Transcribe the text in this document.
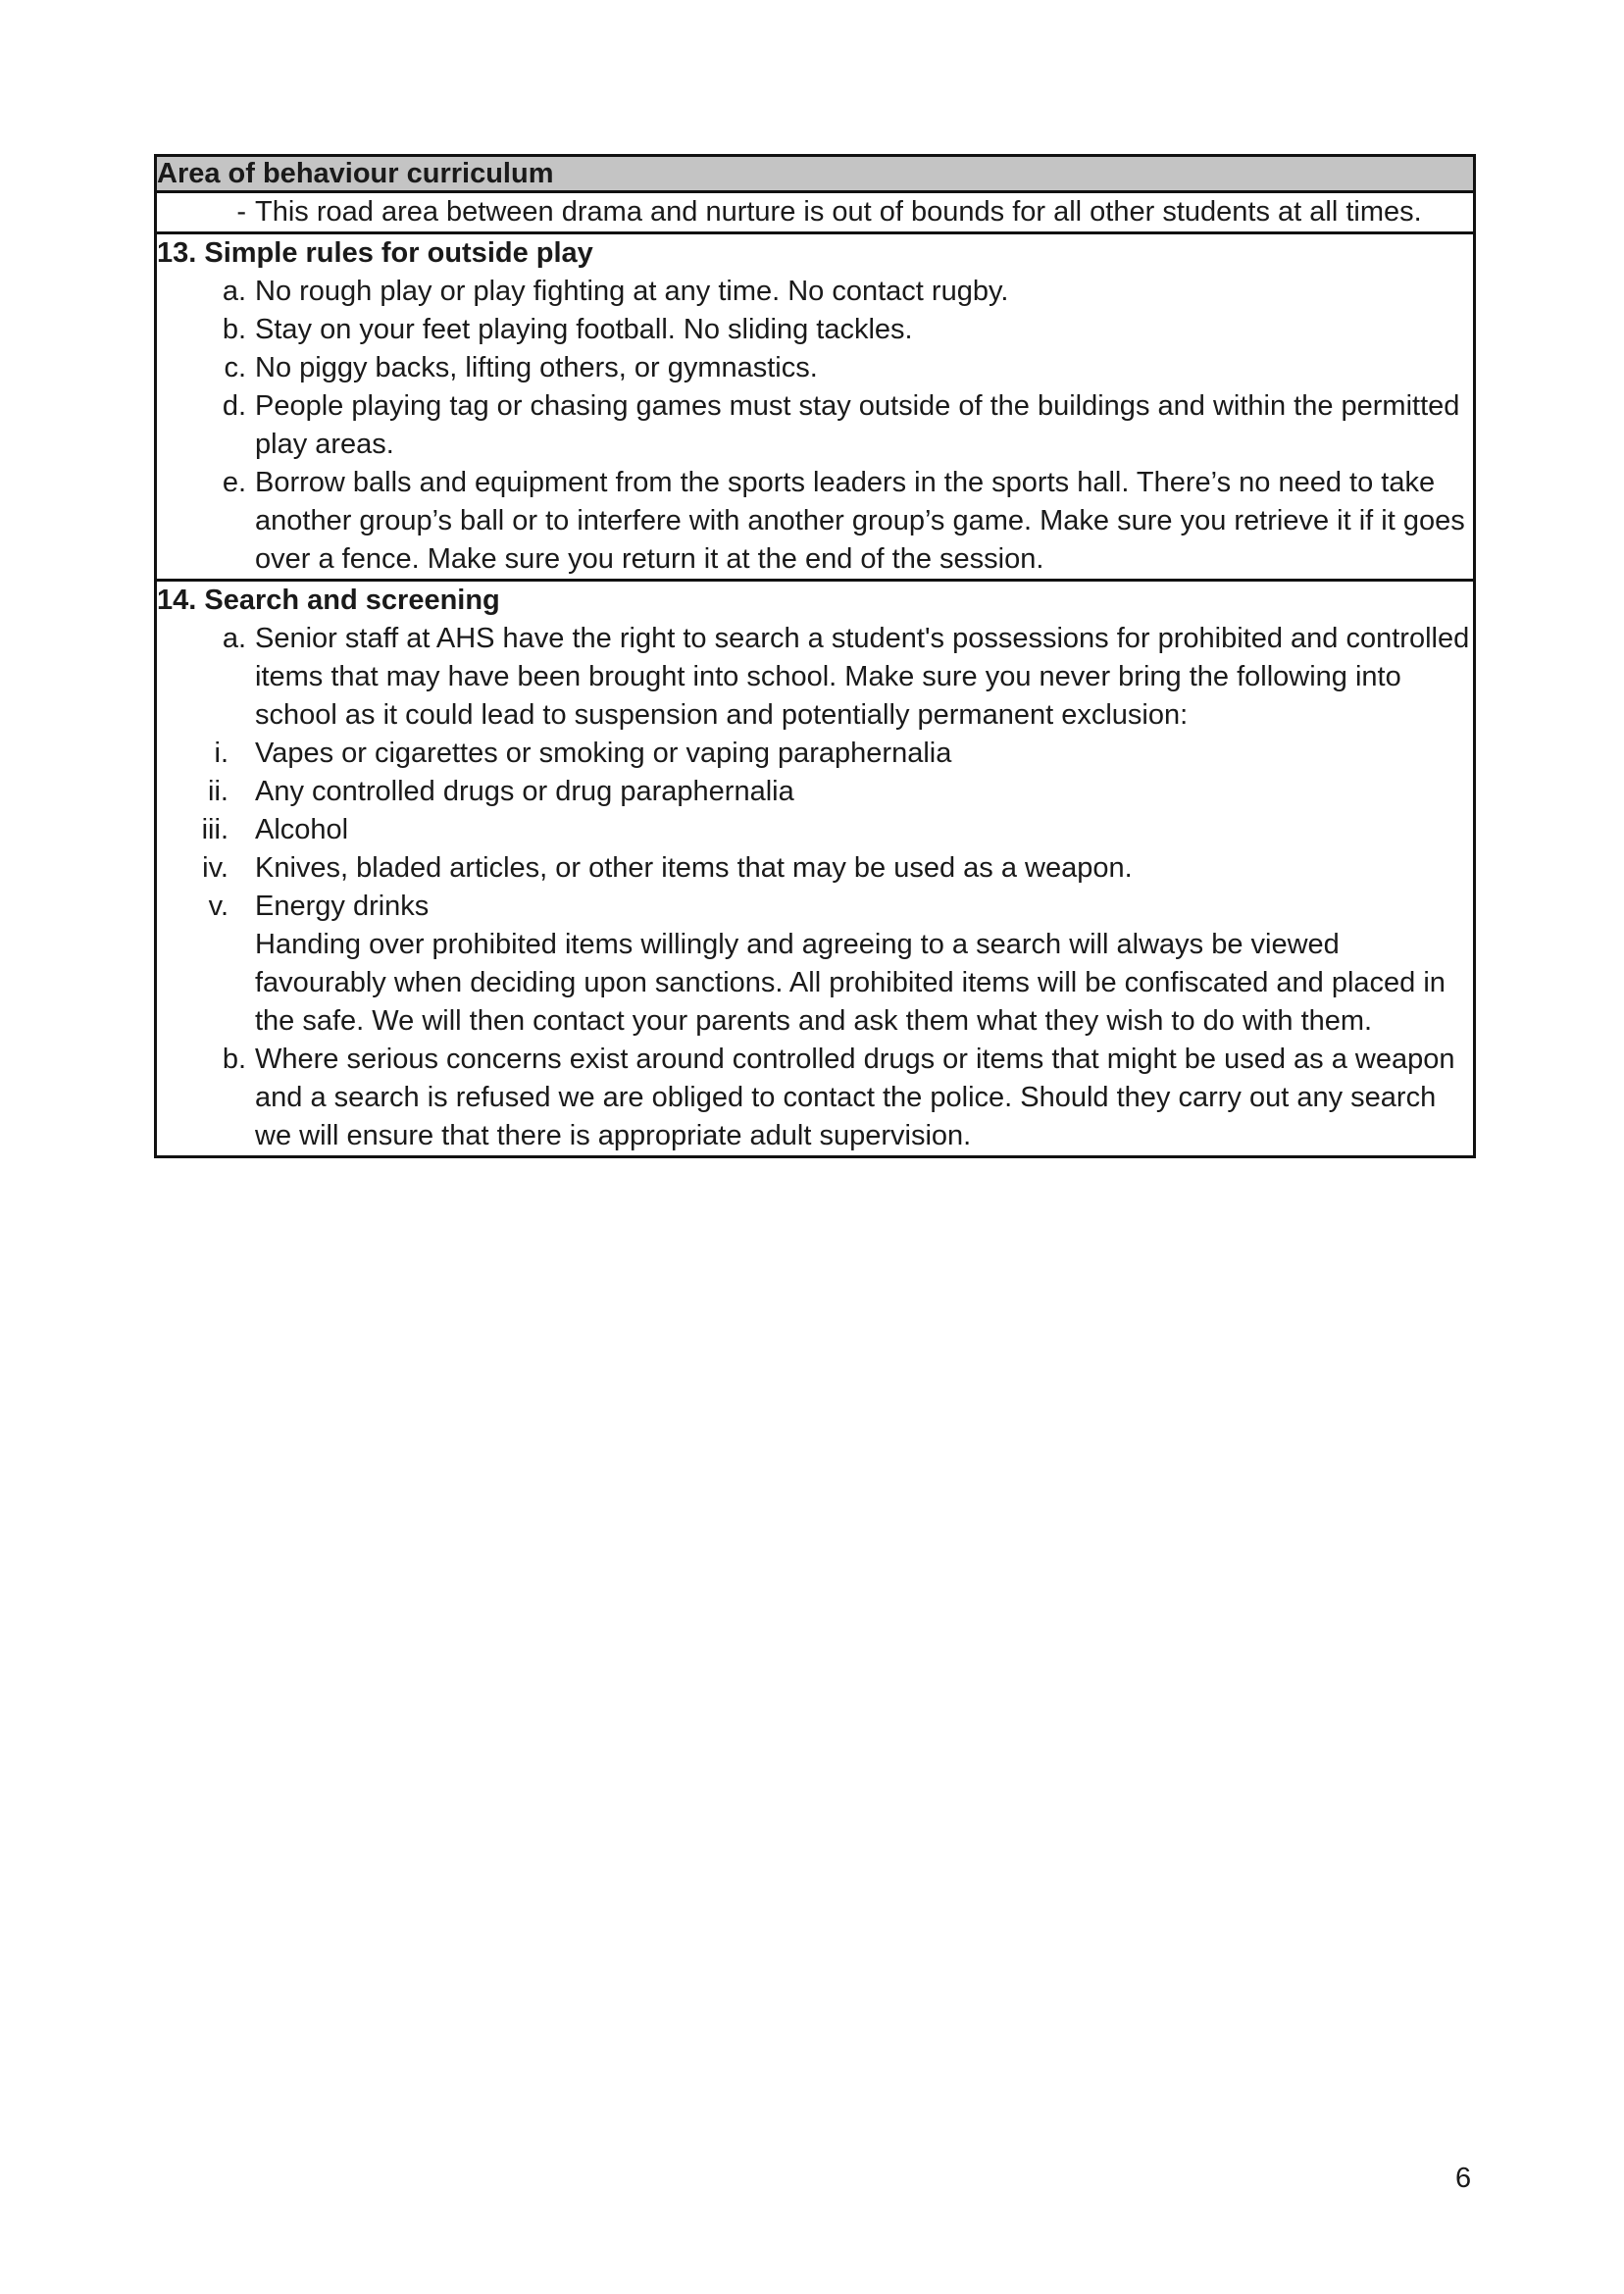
Area of behaviour curriculum

- This road area between drama and nurture is out of bounds for all other students at all times.

13. Simple rules for outside play

a. No rough play or play fighting at any time. No contact rugby.
b. Stay on your feet playing football. No sliding tackles.
c. No piggy backs, lifting others, or gymnastics.
d. People playing tag or chasing games must stay outside of the buildings and within the permitted play areas.
e. Borrow balls and equipment from the sports leaders in the sports hall. There’s no need to take another group’s ball or to interfere with another group’s game. Make sure you retrieve it if it goes over a fence. Make sure you return it at the end of the session.

14. Search and screening

a. Senior staff at AHS have the right to search a student's possessions for prohibited and controlled items that may have been brought into school. Make sure you never bring the following into school as it could lead to suspension and potentially permanent exclusion:
i. Vapes or cigarettes or smoking or vaping paraphernalia
ii. Any controlled drugs or drug paraphernalia
iii. Alcohol
iv. Knives, bladed articles, or other items that may be used as a weapon.
v. Energy drinks
Handing over prohibited items willingly and agreeing to a search will always be viewed favourably when deciding upon sanctions. All prohibited items will be confiscated and placed in the safe. We will then contact your parents and ask them what they wish to do with them.
b. Where serious concerns exist around controlled drugs or items that might be used as a weapon and a search is refused we are obliged to contact the police. Should they carry out any search we will ensure that there is appropriate adult supervision.
6
